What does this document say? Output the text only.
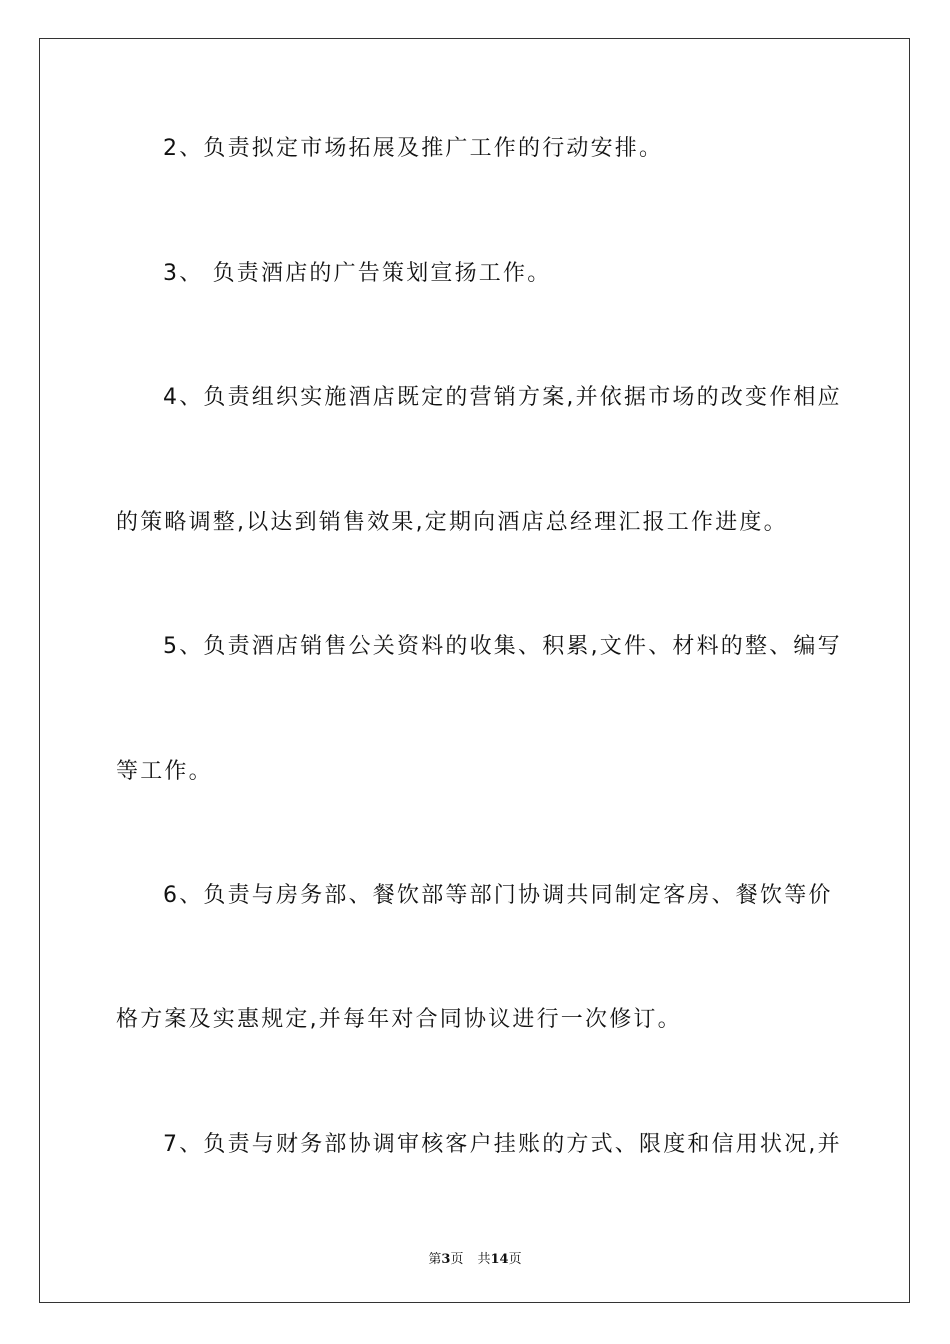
2、负责拟定市场拓展及推广工作的行动安排。
3、 负责酒店的广告策划宣扬工作。
4、负责组织实施酒店既定的营销方案,并依据市场的改变作相应
的策略调整,以达到销售效果,定期向酒店总经理汇报工作进度。
5、负责酒店销售公关资料的收集、积累,文件、材料的整、编写
等工作。
6、负责与房务部、餐饮部等部门协调共同制定客房、餐饮等价
格方案及实惠规定,并每年对合同协议进行一次修订。
7、负责与财务部协调审核客户挂账的方式、限度和信用状况,并
第3页 共14页
